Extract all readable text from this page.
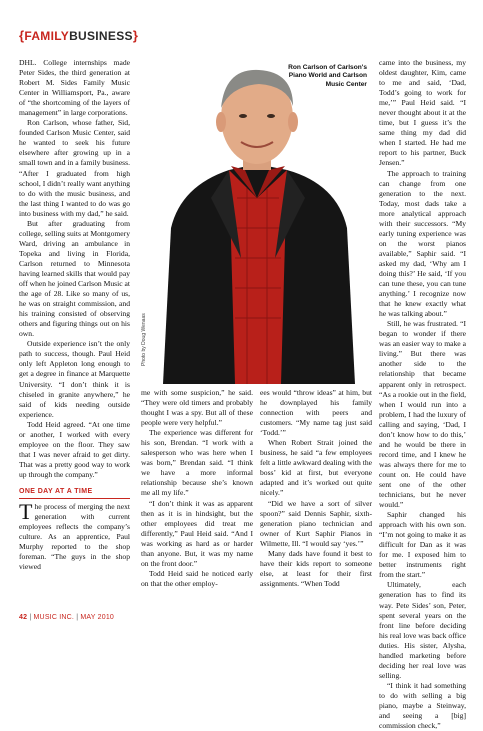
{FAMILYBUSINESS}

DHL. College internships made Peter Sides, the third generation at Robert M. Sides Family Music Center in Williamsport, Pa., aware of “the shortcoming of the layers of management” in large corporations.

Ron Carlson, whose father, Sid, founded Carlson Music Center, said he wanted to seek his future elsewhere after growing up in a small town and in a family business. “After I graduated from high school, I didn’t really want anything to do with the music business, and the last thing I wanted to do was go into business with my dad,” he said.

But after graduating from college, selling suits at Montgomery Ward, driving an ambulance in Topeka and living in Florida, Carlson returned to Minnesota having learned skills that would pay off when he joined Carlson Music at the age of 28. Like so many of us, he was on straight commission, and his training consisted of observing others and figuring things out on his own.

Outside experience isn’t the only path to success, though. Paul Heid only left Appleton long enough to get a degree in finance at Marquette University. “I don’t think it is chiseled in granite anywhere,” he said of kids needing outside experience.

Todd Heid agreed. “At one time or another, I worked with every employee on the floor. They saw that I was never afraid to get dirty. That was a pretty good way to work up through the company.”

ONE DAY AT A TIME

The process of merging the next generation with current employees reflects the company’s culture. As an apprentice, Paul Murphy reported to the shop foreman. “The guys in the shop viewed

Ron Carlson of Carlson's Piano World and Carlson Music Center
Photo by Doug Wenaas

me with some suspicion,” he said. “They were old timers and probably thought I was a spy. But all of these people were very helpful.”

The experience was different for his son, Brendan. “I work with a salesperson who was here when I was born,” Brendan said. “I think we have a more informal relationship because she’s known me all my life.”

“I don’t think it was as apparent then as it is in hindsight, but the other employees did treat me differently,” Paul Heid said. “And I was working as hard as or harder than anyone. But, it was my name on the front door.”

Todd Heid said he noticed early on that the other employ-

ees would “throw ideas” at him, but he downplayed his family connection with peers and customers. “My name tag just said ‘Todd.’”

When Robert Strait joined the business, he said “a few employees felt a little awkward dealing with the boss’ kid at first, but everyone adapted and it’s worked out quite nicely.”

“Did we have a sort of silver spoon?” said Dennis Saphir, sixth-generation piano technician and owner of Kurt Saphir Pianos in Wilmette, Ill. “I would say ‘yes.’”

Many dads have found it best to have their kids report to someone else, at least for their first assignments. “When Todd

came into the business, my oldest daughter, Kim, came to me and said, ‘Dad, Todd’s going to work for me,’” Paul Heid said. “I never thought about it at the time, but I guess it’s the same thing my dad did when I started. He had me report to his partner, Buck Jensen.”

The approach to training can change from one generation to the next. Today, most dads take a more analytical approach with their successors. “My early tuning experience was on the worst pianos available,” Saphir said. “I asked my dad, ‘Why am I doing this?’ He said, ‘If you can tune these, you can tune anything.’ I recognize now that he knew exactly what he was talking about.”

Still, he was frustrated. “I began to wonder if there was an easier way to make a living.” But there was another side to the relationship that became apparent only in retrospect. “As a rookie out in the field, when I would run into a problem, I had the luxury of calling and saying, ‘Dad, I don’t know how to do this,’ and he would be there in record time, and I knew he was always there for me to count on. He could have sent one of the other technicians, but he never would.”

Saphir changed his approach with his own son. “I’m not going to make it as difficult for Dan as it was for me. I exposed him to better instruments right from the start.”

Ultimately, each generation has to find its way. Pete Sides’ son, Peter, spent several years on the front line before deciding his real love was back office duties. His sister, Alysha, handled marketing before deciding her real love was selling.

“I think it had something to do with selling a big piano, maybe a Steinway, and seeing a [big] commission check,”

42 | MUSIC INC. | MAY 2010
